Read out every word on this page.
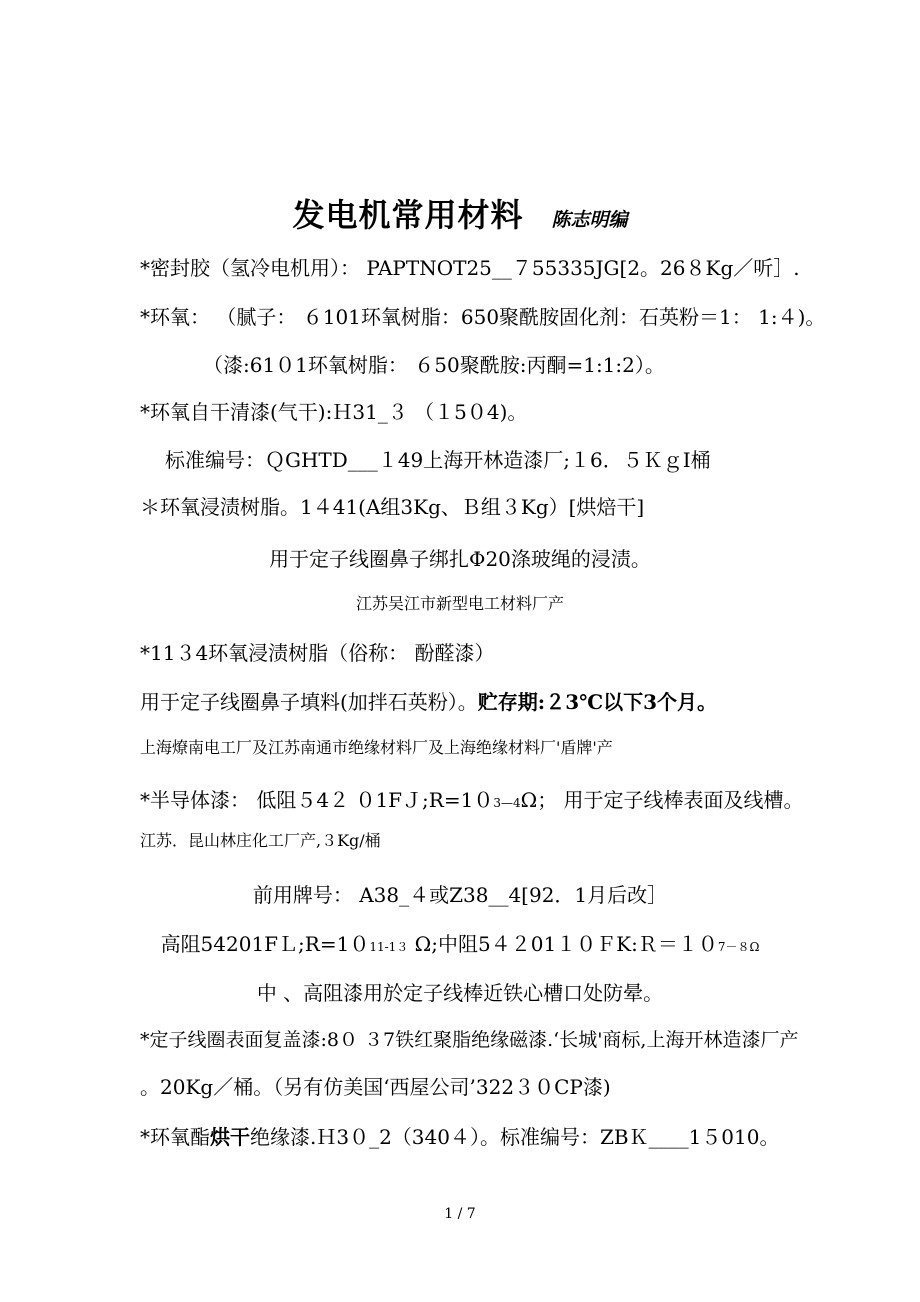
发电机常用材料 陈志明编
*密封胶（氢冷电机用）： PAPTNOT25__７55335JG[2。26８Kg／听］.
*环氧： （腻子： ６101环氧树脂：650聚酰胺固化剂：石英粉＝1： 1:４)。
（漆:61０1环氧树脂： ６50聚酰胺:丙酮=1:1:2）。
*环氧自干清漆(气干):Ｈ31_３ （１5０4)。
标准编号：ＱGHTD___１49上海开林造漆厂;１6．５ＫｇⅠ桶
＊环氧浸渍树脂。1４41(A组3Kg、Ｂ组３Kg）[烘焙干]
用于定子线圈鼻子绑扎Φ20涤玻绳的浸渍。
江苏吴江市新型电工材料厂产
*11３4环氧浸渍树脂（俗称： 酚醛漆）
用于定子线圈鼻子填料(加拌石英粉）。贮存期:２3℃以下3个月。
上海燎南电工厂及江苏南通市绝缘材料厂及上海绝缘材料厂'盾牌'产
*半导体漆： 低阻５4２ ０1FＪ;R=1０3—4Ω； 用于定子线棒表面及线槽。
江苏．昆山林庄化工厂产,３Kg/桶
前用牌号： A38_４或Z38__4[92．1月后改］
高阻54201FＬ;R=1０11-1３ Ω;中阻5４２01１０ＦK:Ｒ＝１０7－８Ω
中 、高阻漆用於定子线棒近铁心槽口处防晕。
*定子线圈表面复盖漆:8０ ３7铁红聚脂绝缘磁漆.‘长城'商标,上海开林造漆厂产
。20Kg／桶。（另有仿美国‘西屋公司’322３０CP漆)
*环氧酯烘干绝缘漆.Ｈ3０_2（340４）。标准编号：ZBＫ____1５010。
1 / 7
